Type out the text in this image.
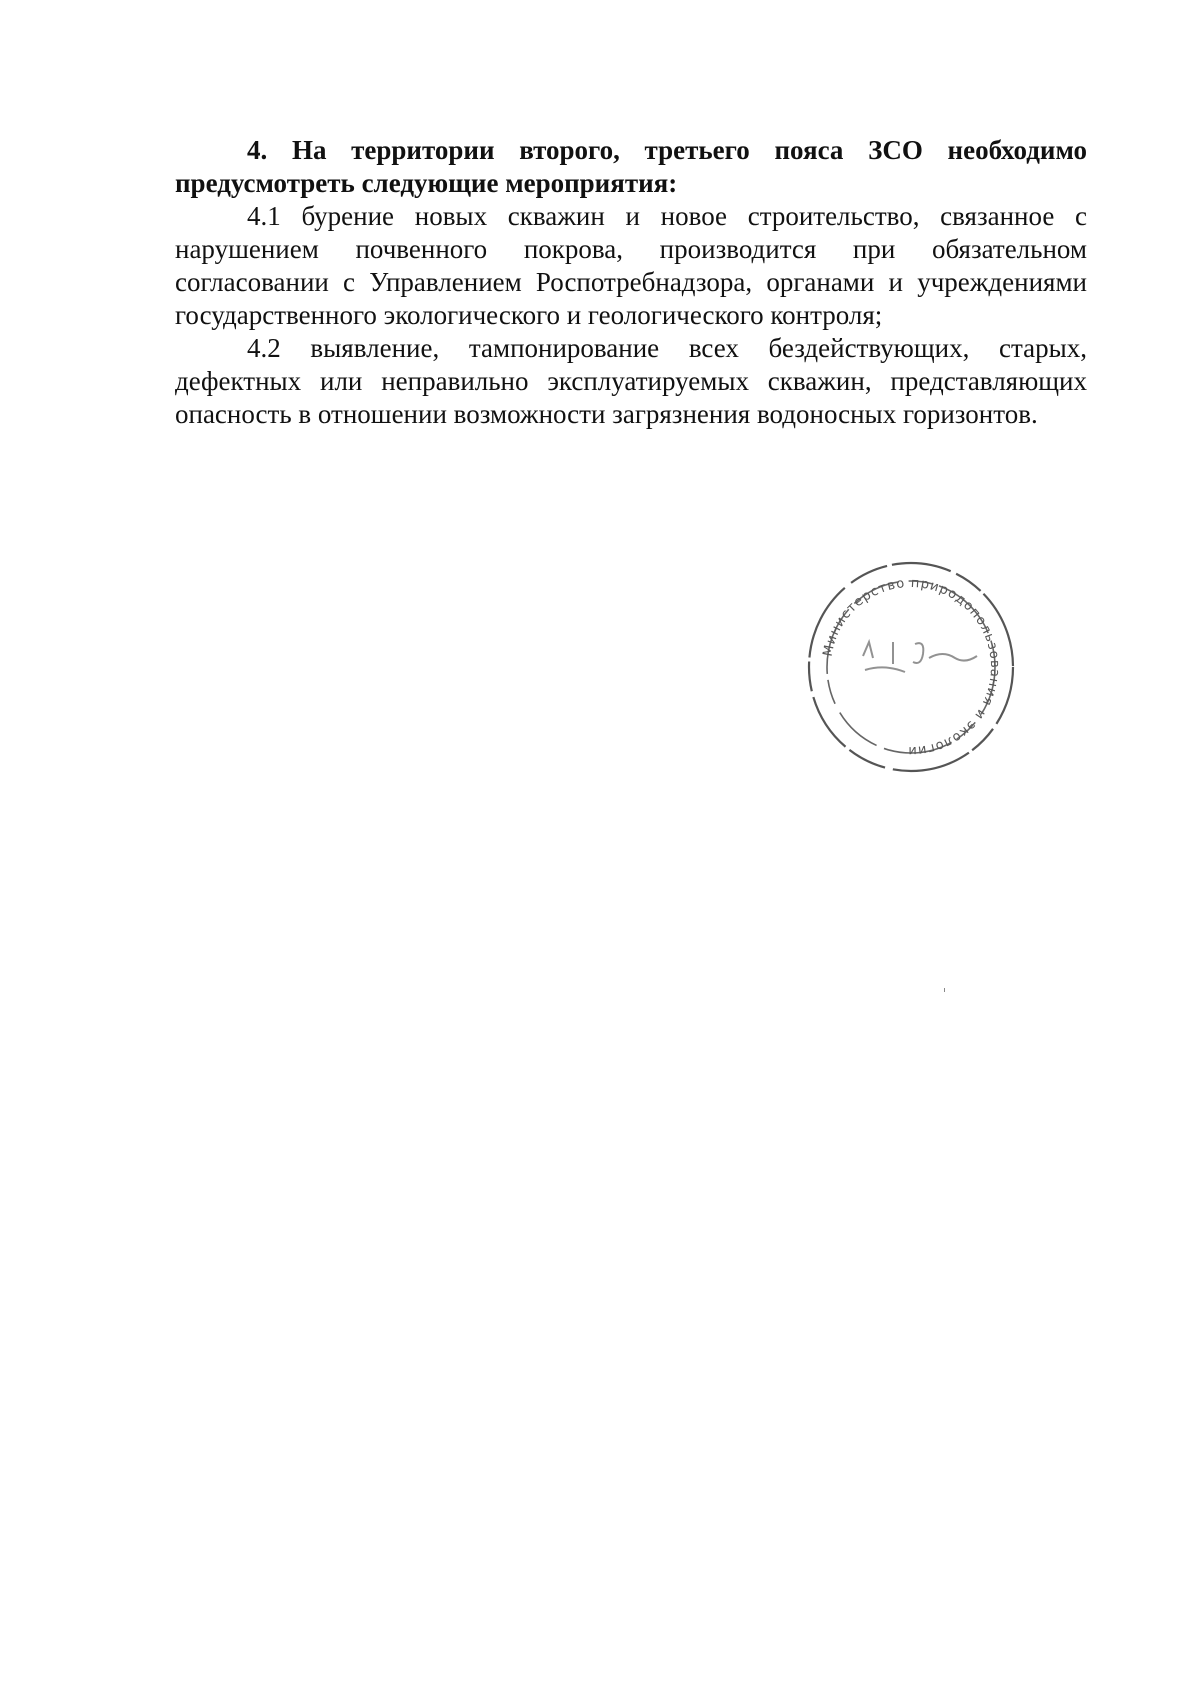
4. На территории второго, третьего пояса ЗСО необходимо предусмотреть следующие мероприятия:

4.1 бурение новых скважин и новое строительство, связанное с нарушением почвенного покрова, производится при обязательном согласовании с Управлением Роспотребнадзора, органами и учреждениями государственного экологического и геологического контроля;

4.2 выявление, тампонирование всех бездействующих, старых, дефектных или неправильно эксплуатируемых скважин, представляющих опасность в отношении возможности загрязнения водоносных горизонтов.

Министерство природопользования и экологии
